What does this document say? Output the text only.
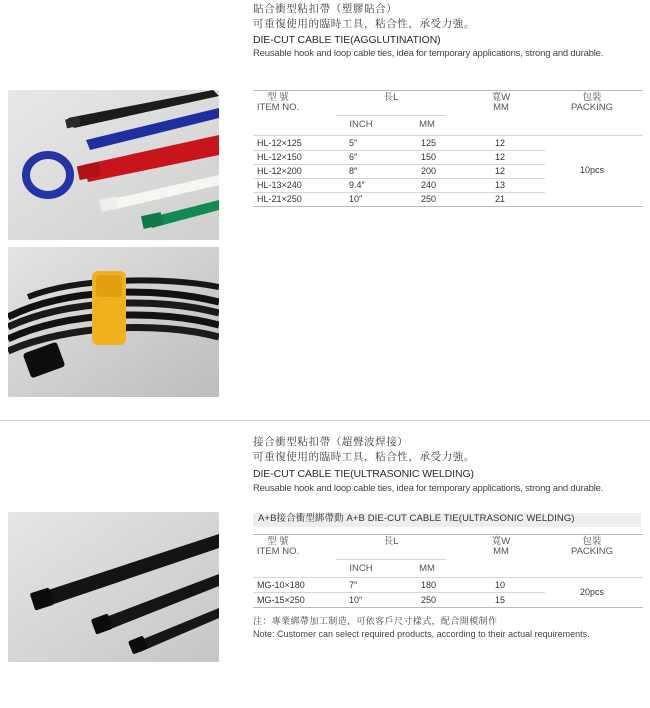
貼合衝型粘扣帶（塑膠貼合）
可重復使用的臨時工具，粘合性，承受力強。
DIE-CUT CABLE TIE(AGGLUTINATION)
Reusable hook and loop cable ties, idea for temporary applications, strong and durable.
型 號
ITEM NO.
長L
INCH	MM
寬W
MM
包裝
PACKING
HL-12×125	5″	125	12
HL-12×150	6″	150	12
HL-12×200	8″	200	12
HL-13×240	9.4″	240	13
HL-21×250	10″	250	21
10pcs
接合衝型粘扣帶（超聲波焊接）
可重復使用的臨時工具，粘合性，承受力強。
DIE-CUT CABLE TIE(ULTRASONIC WELDING)
Reusable hook and loop cable ties, idea for temporary applications, strong and durable.
A+B接合衝型綁帶動 A+B DIE-CUT CABLE TIE(ULTRASONIC WELDING)
型 號
ITEM NO.
長L
INCH	MM
寬W
MM
包裝
PACKING
MG-10×180	7″	180	10
MG-15×250	10″	250	15
20pcs
注：專業綁帶加工制造，可依客戶尺寸樣式，配合開模制作
Note: Customer can select required products, according to their actual requirements.
